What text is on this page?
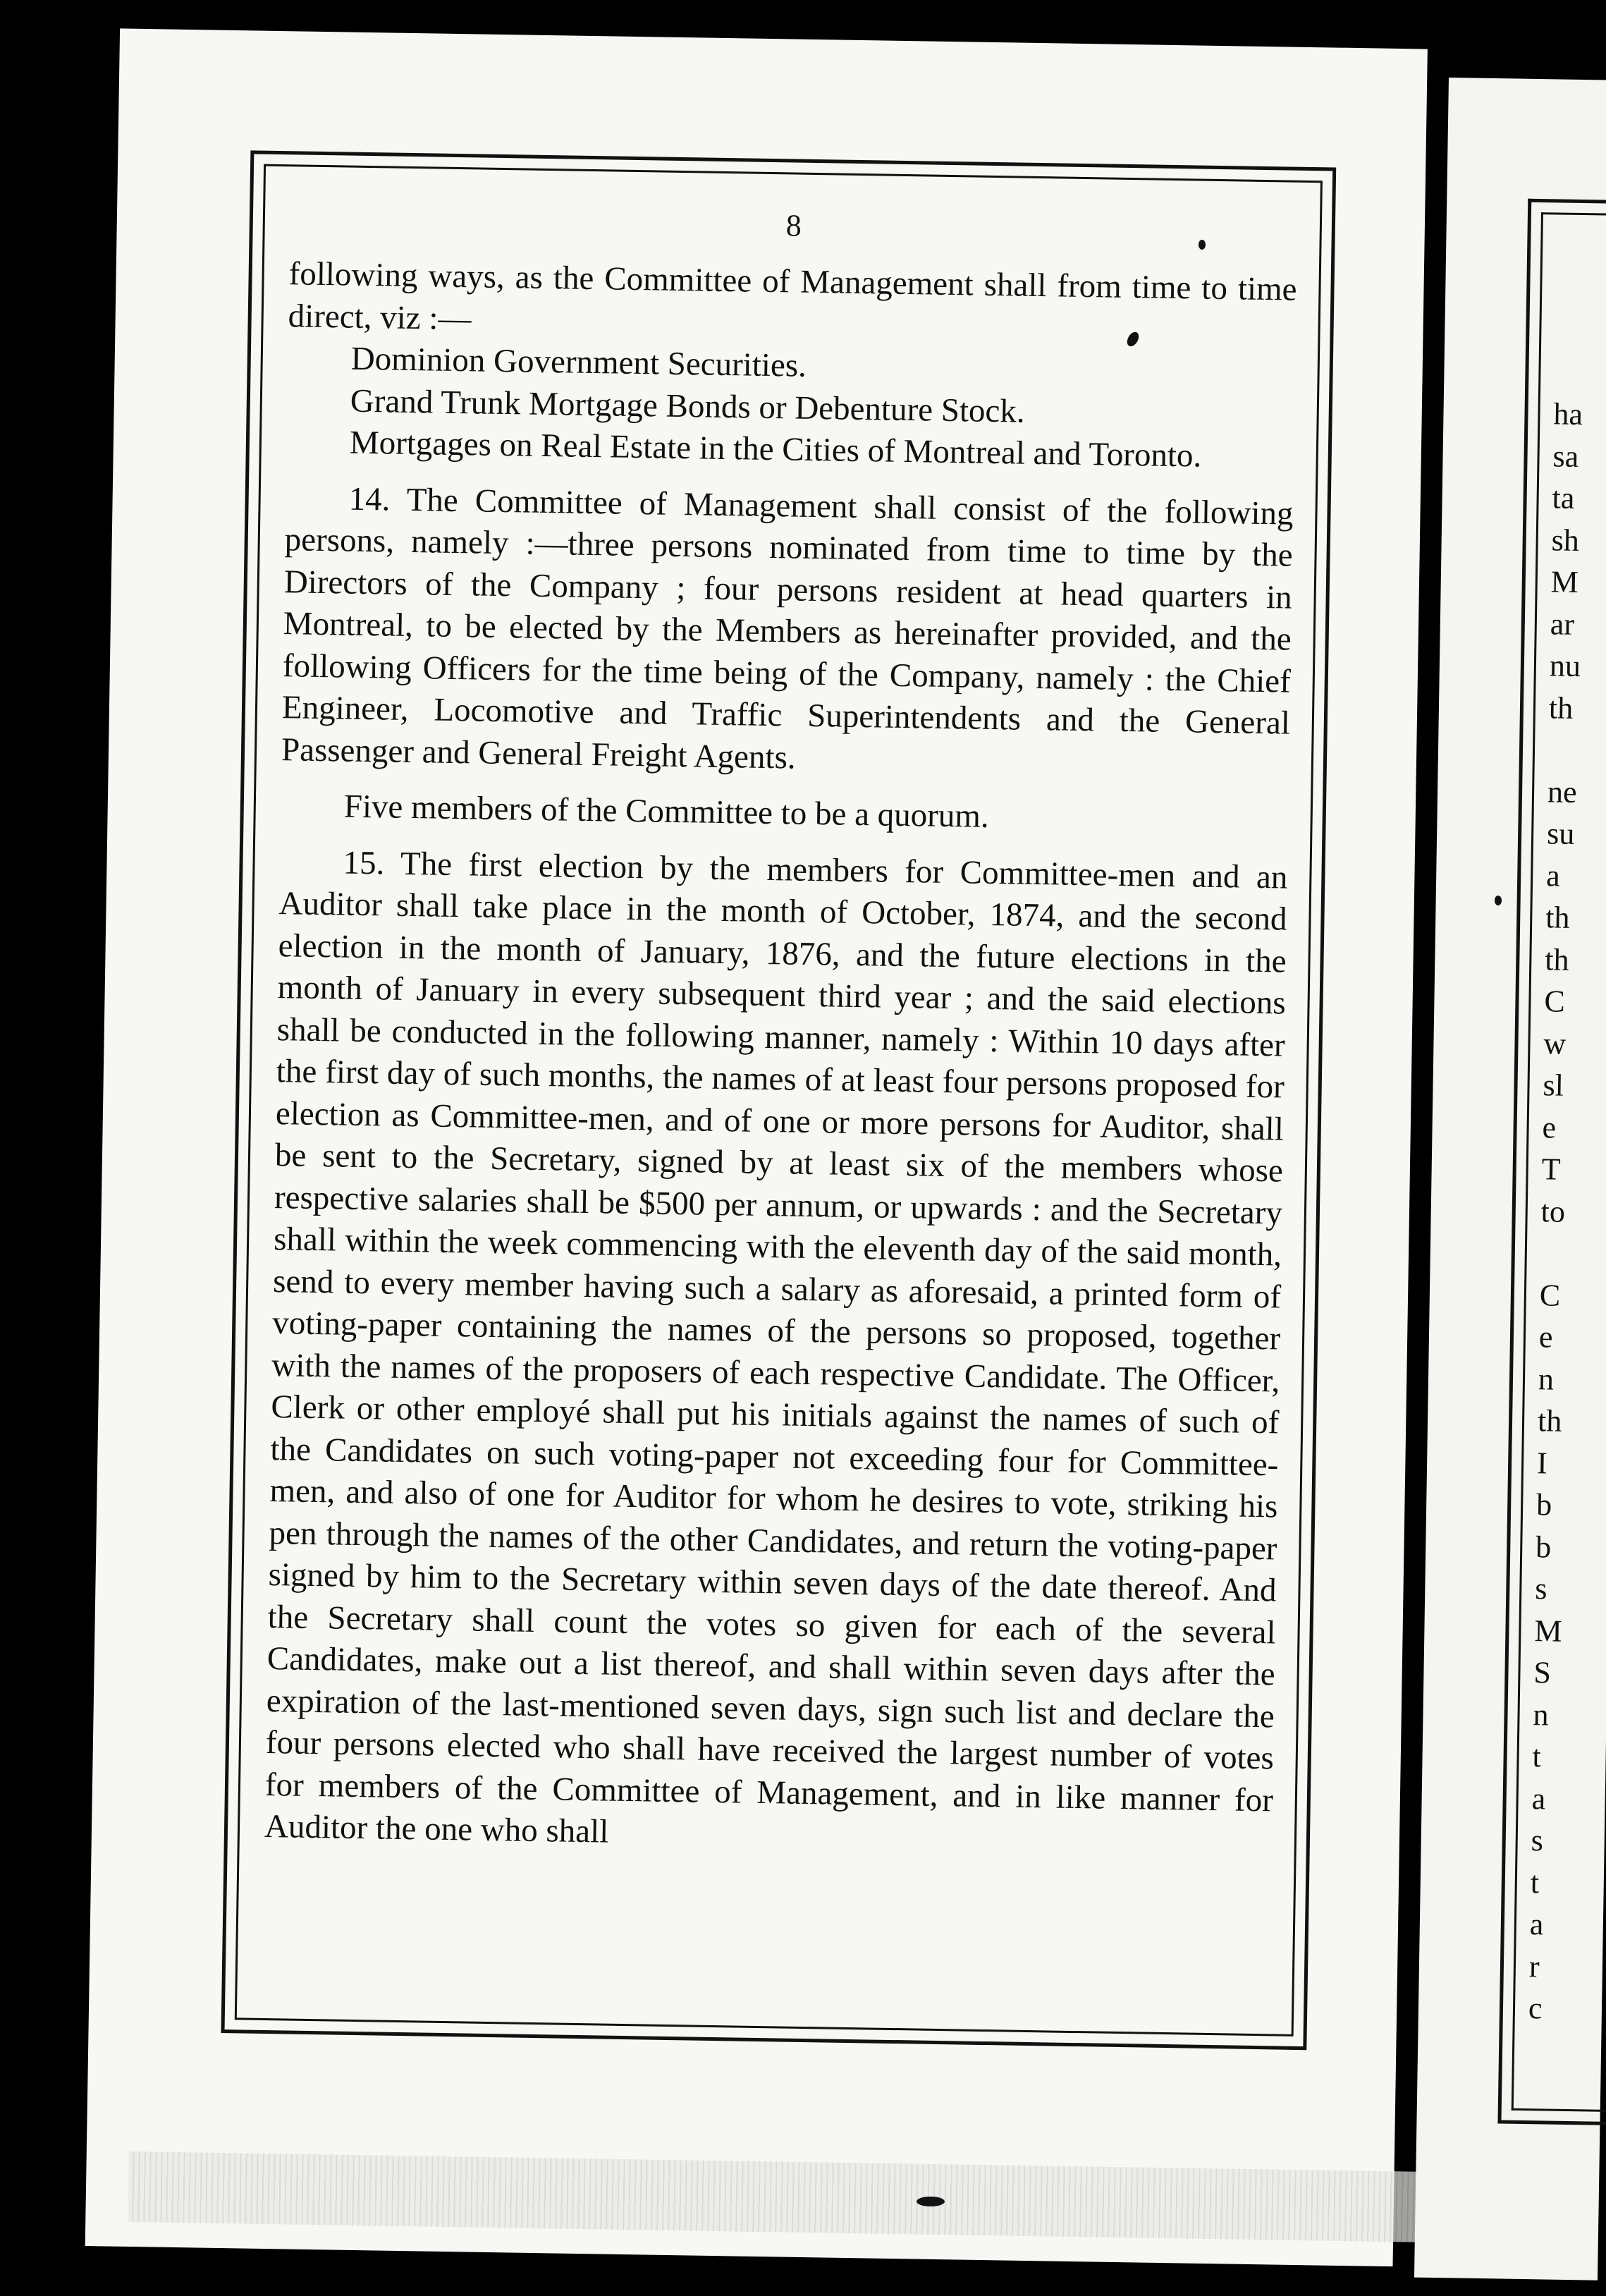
8

following ways, as the Committee of Management shall from time to time direct, viz :—

Dominion Government Securities.

Grand Trunk Mortgage Bonds or Debenture Stock.

Mortgages on Real Estate in the Cities of Montreal and Toronto.

14. The Committee of Management shall consist of the following persons, namely :—three persons nominated from time to time by the Directors of the Company ; four persons resident at head quarters in Montreal, to be elected by the Members as hereinafter provided, and the following Officers for the time being of the Company, namely : the Chief Engineer, Locomotive and Traffic Superintendents and the General Passenger and General Freight Agents.

Five members of the Committee to be a quorum.

15. The first election by the members for Committee-men and an Auditor shall take place in the month of October, 1874, and the second election in the month of January, 1876, and the future elections in the month of January in every subsequent third year ; and the said elections shall be conducted in the following manner, namely : Within 10 days after the first day of such months, the names of at least four persons proposed for election as Committee-men, and of one or more persons for Auditor, shall be sent to the Secretary, signed by at least six of the members whose respective salaries shall be $500 per annum, or upwards : and the Secretary shall within the week commencing with the eleventh day of the said month, send to every member having such a salary as aforesaid, a printed form of voting-paper containing the names of the persons so proposed, together with the names of the proposers of each respective Candidate. The Officer, Clerk or other employé shall put his initials against the names of such of the Candidates on such voting-paper not exceeding four for Committee-men, and also of one for Auditor for whom he desires to vote, striking his pen through the names of the other Candidates, and return the voting-paper signed by him to the Secretary within seven days of the date thereof. And the Secretary shall count the votes so given for each of the several Candidates, make out a list thereof, and shall within seven days after the expiration of the last-mentioned seven days, sign such list and declare the four persons elected who shall have received the largest number of votes for members of the Committee of Management, and in like manner for Auditor the one who shall

ha
sa
ta
sh
M
ar
nu
th
ne
su
a
th
th
C
w
sl
e
T
to
C
e
n
th
I
b
b
s
M
S
n
t
a
s
t
a
r
c
